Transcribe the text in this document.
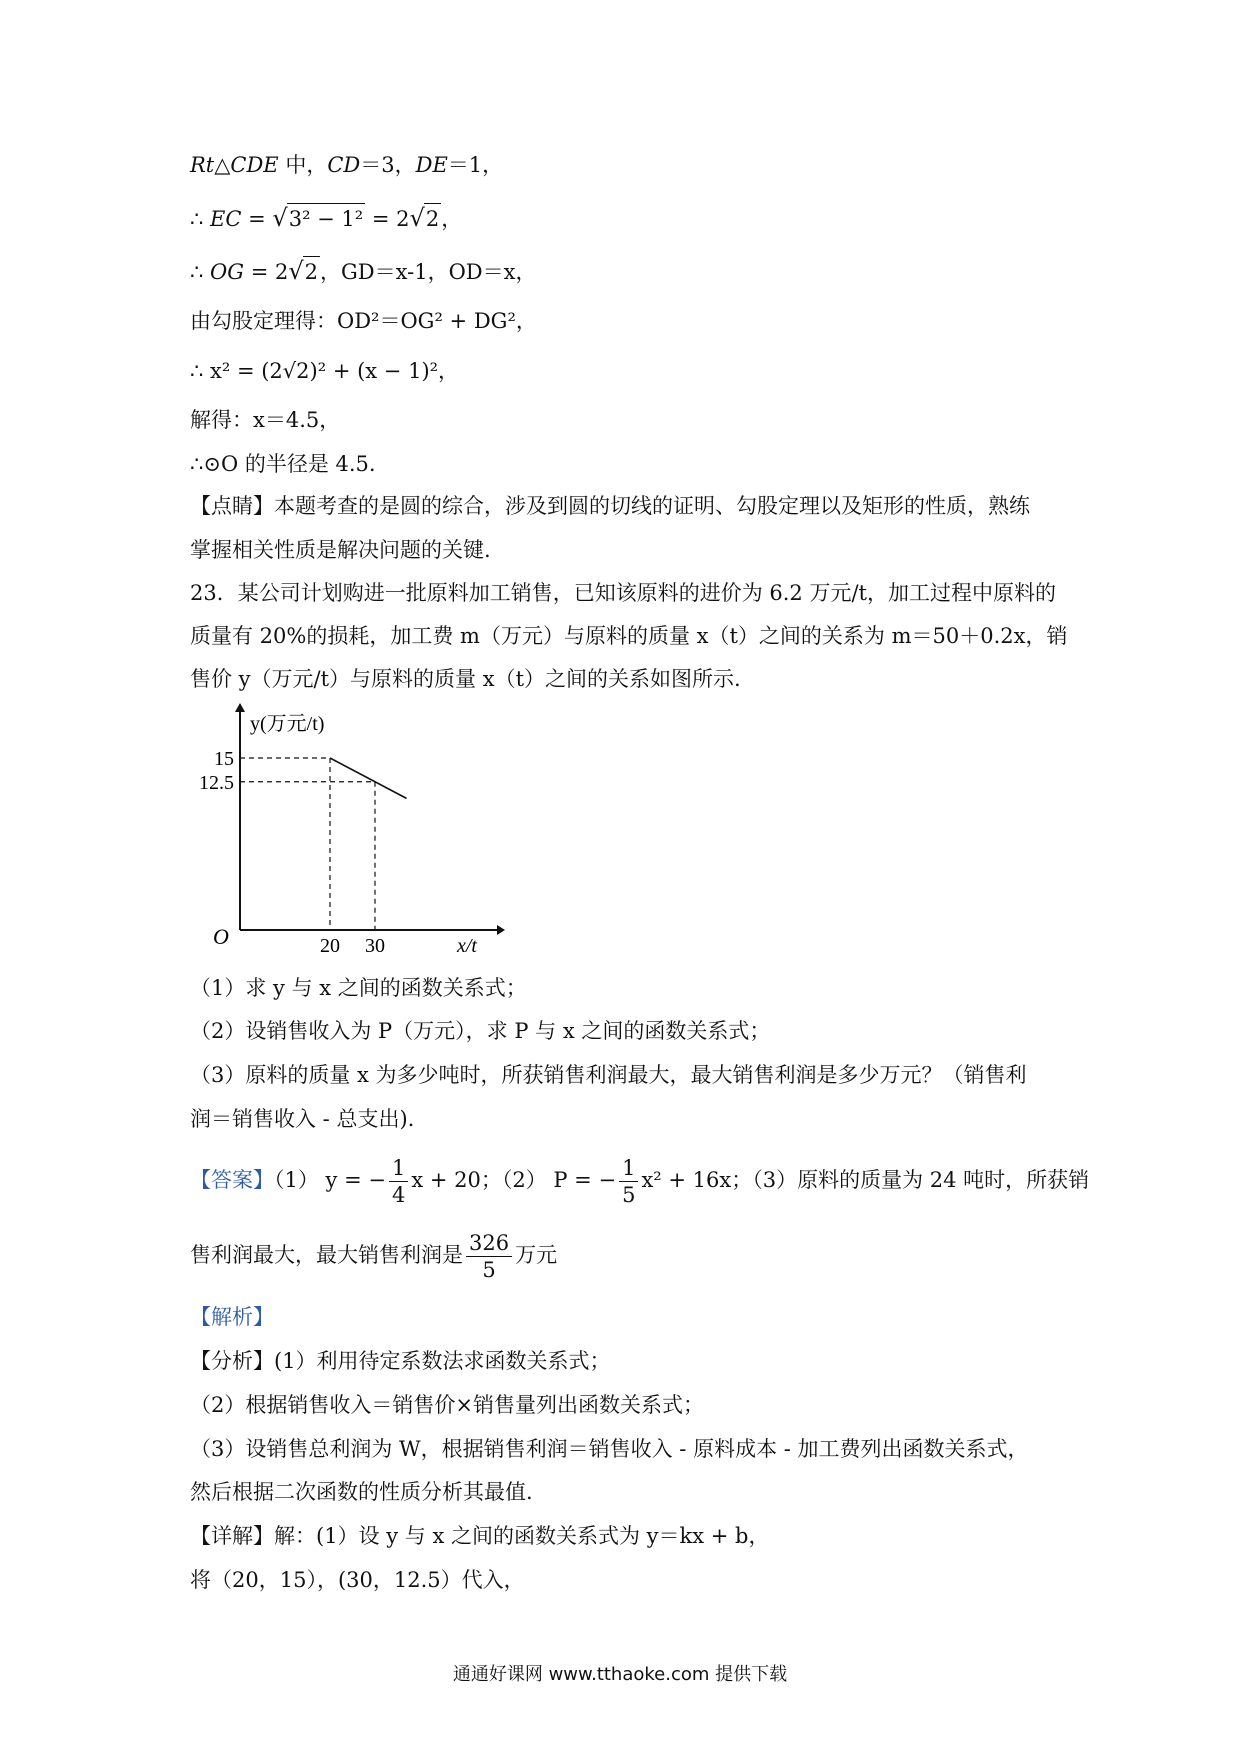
Rt△CDE 中，CD＝3，DE＝1，
∴ EC = √3² − 1² = 2√2，
∴ OG = 2√2，GD＝x-1，OD＝x，
由勾股定理得：OD²＝OG² + DG²，
∴ x² = (2√2)² + (x − 1)²，
解得：x＝4.5，
∴⊙O 的半径是 4.5.
【点睛】本题考查的是圆的综合，涉及到圆的切线的证明、勾股定理以及矩形的性质，熟练
掌握相关性质是解决问题的关键.
23．某公司计划购进一批原料加工销售，已知该原料的进价为 6.2 万元/t，加工过程中原料的
质量有 20%的损耗，加工费 m（万元）与原料的质量 x（t）之间的关系为 m＝50＋0.2x，销
售价 y（万元/t）与原料的质量 x（t）之间的关系如图所示.
O
y(万元/t)
x/t
15
12.5
20 30
（1）求 y 与 x 之间的函数关系式；
（2）设销售收入为 P（万元），求 P 与 x 之间的函数关系式；
（3）原料的质量 x 为多少吨时，所获销售利润最大，最大销售利润是多少万元？（销售利
润＝销售收入 - 总支出).
【答案】（1） y = − $\frac{1}{4}$ x + 20；（2） P = − $\frac{1}{5} x^2 + 16x$；（3）原料的质量为 24 吨时，所获销
售利润最大，最大销售利润是 $\frac{326}{5}$ 万元
【解析】
【分析】(1）利用待定系数法求函数关系式；
（2）根据销售收入＝销售价×销售量列出函数关系式；
（3）设销售总利润为 W，根据销售利润＝销售收入 - 原料成本 - 加工费列出函数关系式，
然后根据二次函数的性质分析其最值.
【详解】解：(1）设 y 与 x 之间的函数关系式为 y＝kx + b，
将（20，15），(30，12.5）代入，
通通好课网 www.tthaoke.com 提供下载
